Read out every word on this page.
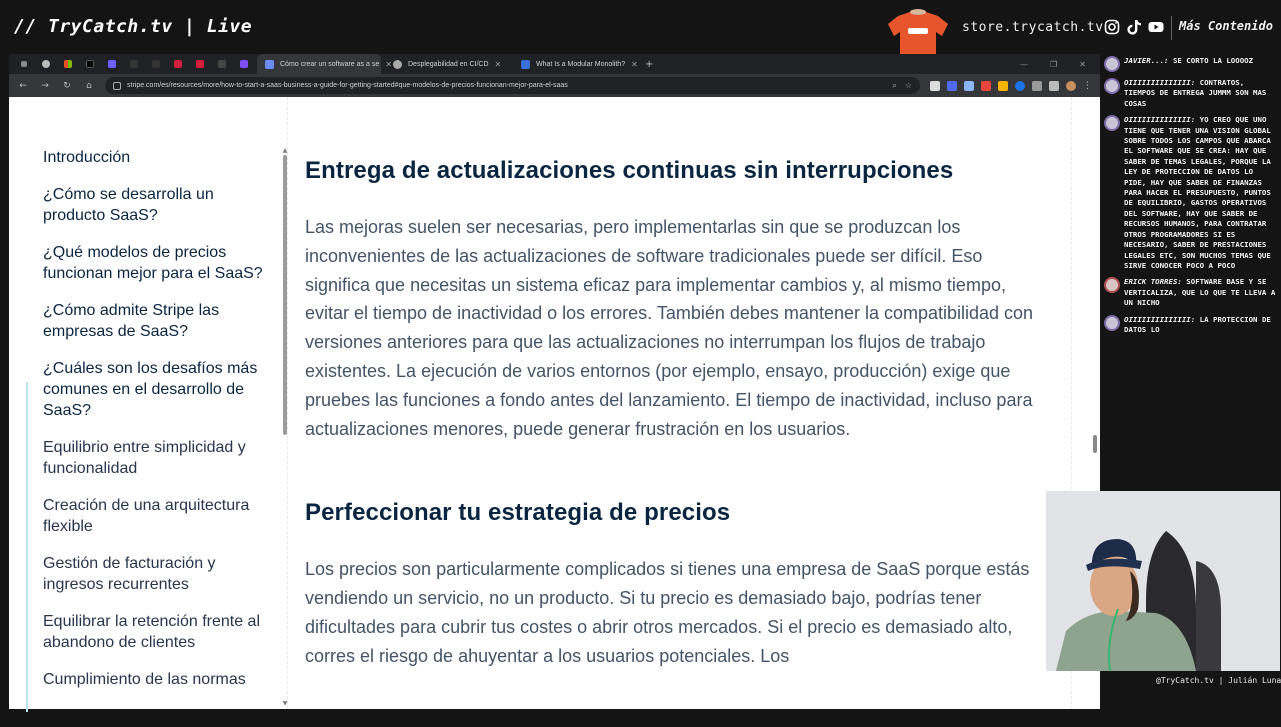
// TryCatch.tv | Live	store.trycatch.tv	Más Contenido
Cómo crear un software as a se ✕ Desplegabilidad en CI/CD ✕	What Is a Modular Monolith? ✕ +	—	❐	✕
← → ↻	⌂	stripe.com/es/resources/more/how-to-start-a-saas-business-a-guide-for-getting-started#que-modelos-de-precios-funcionan-mejor-para-el-saas	⌕ ☆	⋮
Introducción
¿Cómo se desarrolla un producto SaaS?
¿Qué modelos de precios funcionan mejor para el SaaS?
¿Cómo admite Stripe las empresas de SaaS?
¿Cuáles son los desafíos más comunes en el desarrollo de SaaS?
Equilibrio entre simplicidad y funcionalidad
Creación de una arquitectura flexible
Gestión de facturación y ingresos recurrentes
Equilibrar la retención frente al abandono de clientes
Cumplimiento de las normas
▲
▼
Entrega de actualizaciones continuas sin interrupciones

Las mejoras suelen ser necesarias, pero implementarlas sin que se produzcan los inconvenientes de las actualizaciones de software tradicionales puede ser difícil. Eso significa que necesitas un sistema eficaz para implementar cambios y, al mismo tiempo, evitar el tiempo de inactividad o los errores. También debes mantener la compatibilidad con versiones anteriores para que las actualizaciones no interrumpan los flujos de trabajo existentes. La ejecución de varios entornos (por ejemplo, ensayo, producción) exige que pruebes las funciones a fondo antes del lanzamiento. El tiempo de inactividad, incluso para actualizaciones menores, puede generar frustración en los usuarios.

Perfeccionar tu estrategia de precios

Los precios son particularmente complicados si tienes una empresa de SaaS porque estás vendiendo un servicio, no un producto. Si tu precio es demasiado bajo, podrías tener dificultades para cubrir tus costes o abrir otros mercados. Si el precio es demasiado alto, corres el riesgo de ahuyentar a los usuarios potenciales. Los

JAVIER...: SE CORTO LA LOOOOZ
OIIIIIIIIIIIIII: CONTRATOS, TIEMPOS DE ENTREGA JUMMM SON MAS COSAS
OIIIIIIIIIIIIII: YO CREO QUE UNO TIENE QUE TENER UNA VISION GLOBAL SOBRE TODOS LOS CAMPOS QUE ABARCA EL SOFTWARE QUE SE CREA: HAY QUE SABER DE TEMAS LEGALES, PORQUE LA LEY DE PROTECCION DE DATOS LO PIDE, HAY QUE SABER DE FINANZAS PARA HACER EL PRESUPUESTO, PUNTOS DE EQUILIBRIO, GASTOS OPERATIVOS DEL SOFTWARE, HAY QUE SABER DE RECURSOS HUMANOS, PARA CONTRATAR OTROS PROGRAMADORES SI ES NECESARIO, SABER DE PRESTACIONES LEGALES ETC, SON MUCHOS TEMAS QUE SIRVE CONOCER POCO A POCO
ERICK TORRES: SOFTWARE BASE Y SE VERTICALIZA, QUE LO QUE TE LLEVA A UN NICHO
OIIIIIIIIIIIIII: LA PROTECCION DE DATOS LO
@TryCatch.tv | Julián Luna
